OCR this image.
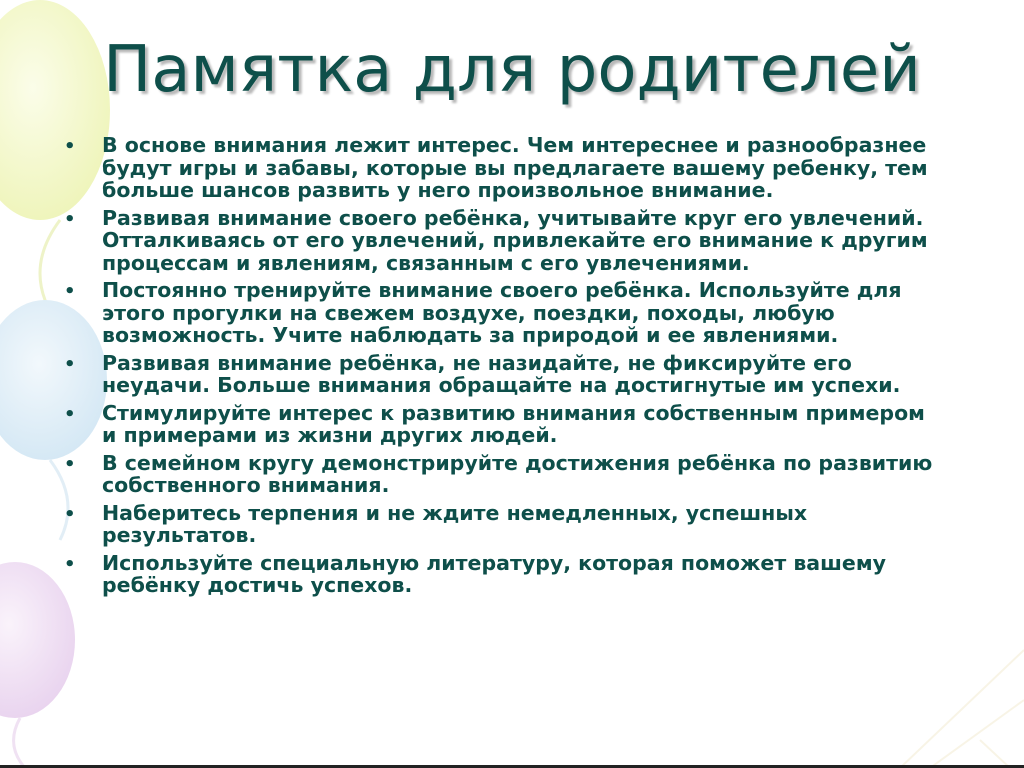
Памятка для родителей
• В основе внимания лежит интерес. Чем интереснее и разнообразнее будут игры и забавы, которые вы предлагаете вашему ребенку, тем больше шансов развить у него произвольное внимание.
• Развивая внимание своего ребёнка, учитывайте круг его увлечений. Отталкиваясь от его увлечений, привлекайте его внимание к другим процессам и явлениям, связанным с его увлечениями.
• Постоянно тренируйте внимание своего ребёнка. Используйте для этого прогулки на свежем воздухе, поездки, походы, любую возможность. Учите наблюдать за природой и ее явлениями.
• Развивая внимание ребёнка, не назидайте, не фиксируйте его неудачи. Больше внимания обращайте на достигнутые им успехи.
• Стимулируйте интерес к развитию внимания собственным примером и примерами из жизни других людей.
• В семейном кругу демонстрируйте достижения ребёнка по развитию собственного внимания.
• Наберитесь терпения и не ждите немедленных, успешных результатов.
• Используйте специальную литературу, которая поможет вашему ребёнку достичь успехов.
